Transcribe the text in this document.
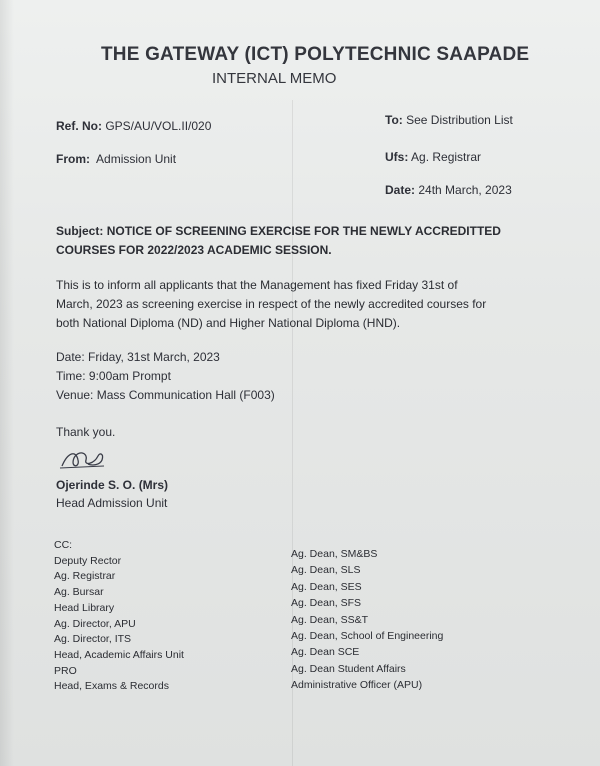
THE GATEWAY (ICT) POLYTECHNIC SAAPADE
INTERNAL MEMO
Ref. No: GPS/AU/VOL.II/020	To: See Distribution List
From: Admission Unit	Ufs: Ag. Registrar
Date: 24th March, 2023
Subject: NOTICE OF SCREENING EXERCISE FOR THE NEWLY ACCREDITTED
COURSES FOR 2022/2023 ACADEMIC SESSION.
This is to inform all applicants that the Management has fixed Friday 31st of
March, 2023 as screening exercise in respect of the newly accredited courses for
both National Diploma (ND) and Higher National Diploma (HND).
Date: Friday, 31st March, 2023
Time: 9:00am Prompt
Venue: Mass Communication Hall (F003)
Thank you.
Ojerinde S. O. (Mrs)
Head Admission Unit
CC:
Deputy Rector
Ag. Registrar
Ag. Bursar
Head Library
Ag. Director, APU
Ag. Director, ITS
Head, Academic Affairs Unit
PRO
Head, Exams & Records
Ag. Dean, SM&BS
Ag. Dean, SLS
Ag. Dean, SES
Ag. Dean, SFS
Ag. Dean, SS&T
Ag. Dean, School of Engineering
Ag. Dean SCE
Ag. Dean Student Affairs
Administrative Officer (APU)
